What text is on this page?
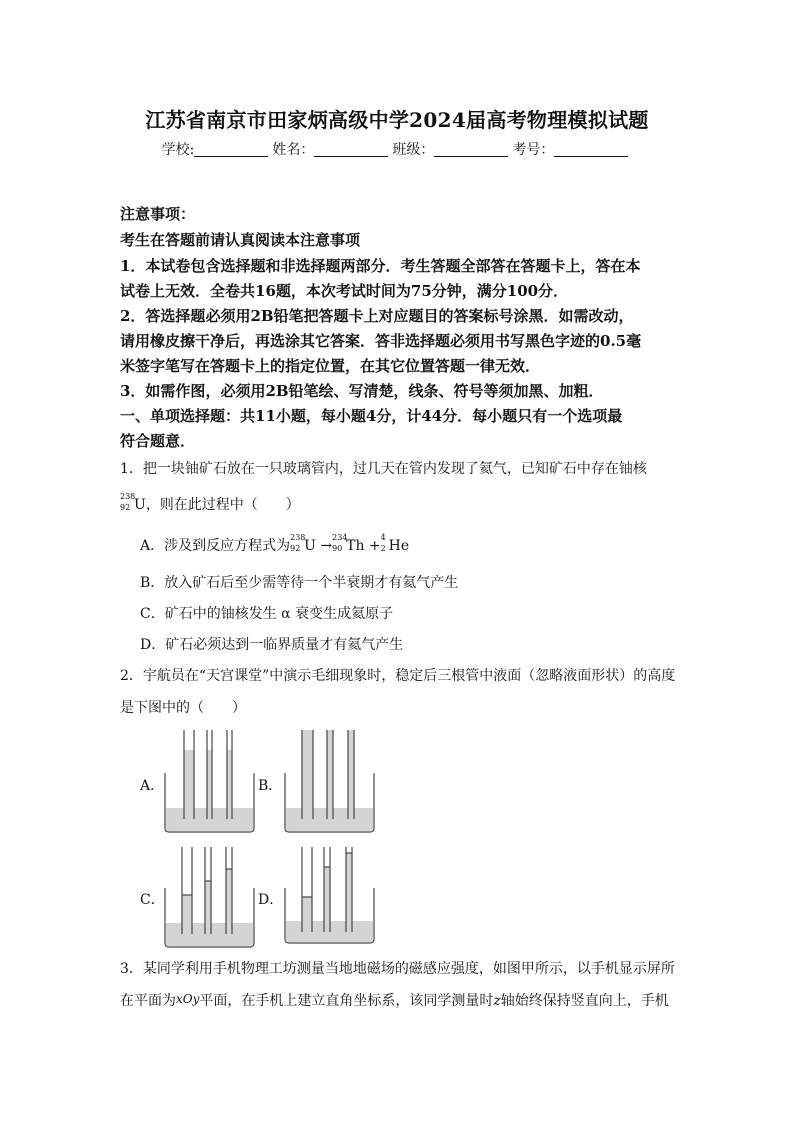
江苏省南京市田家炳高级中学2024届高考物理模拟试题
学校:	姓名：	班级：	考号：
注意事项：
考生在答题前请认真阅读本注意事项
1．本试卷包含选择题和非选择题两部分．考生答题全部答在答题卡上，答在本
试卷上无效．全卷共16题，本次考试时间为75分钟，满分100分．
2．答选择题必须用2B铅笔把答题卡上对应题目的答案标号涂黑．如需改动，
请用橡皮擦干净后，再选涂其它答案．答非选择题必须用书写黑色字迹的0.5毫
米签字笔写在答题卡上的指定位置，在其它位置答题一律无效．
3．如需作图，必须用2B铅笔绘、写清楚，线条、符号等须加黑、加粗．
一、单项选择题：共11小题，每小题4分，计44分．每小题只有一个选项最
符合题意．
1．把一块铀矿石放在一只玻璃管内，过几天在管内发现了氦气，已知矿石中存在铀核
238
92 U，则在此过程中（　　）
A．涉及到反应方程式为
238
92 U →
234
90 Th +
4
2 He
B．放入矿石后至少需等待一个半衰期才有氦气产生
C．矿石中的铀核发生 α 衰变生成氦原子
D．矿石必须达到一临界质量才有氦气产生
2．宇航员在“天宫课堂”中演示毛细现象时，稳定后三根管中液面（忽略液面形状）的高度
是下图中的（　　）
A．	B．
C．	D．
3．某同学利用手机物理工坊测量当地地磁场的磁感应强度，如图甲所示，以手机显示屏所
在平面为xOy平面，在手机上建立直角坐标系，该同学测量时z轴始终保持竖直向上，手机
